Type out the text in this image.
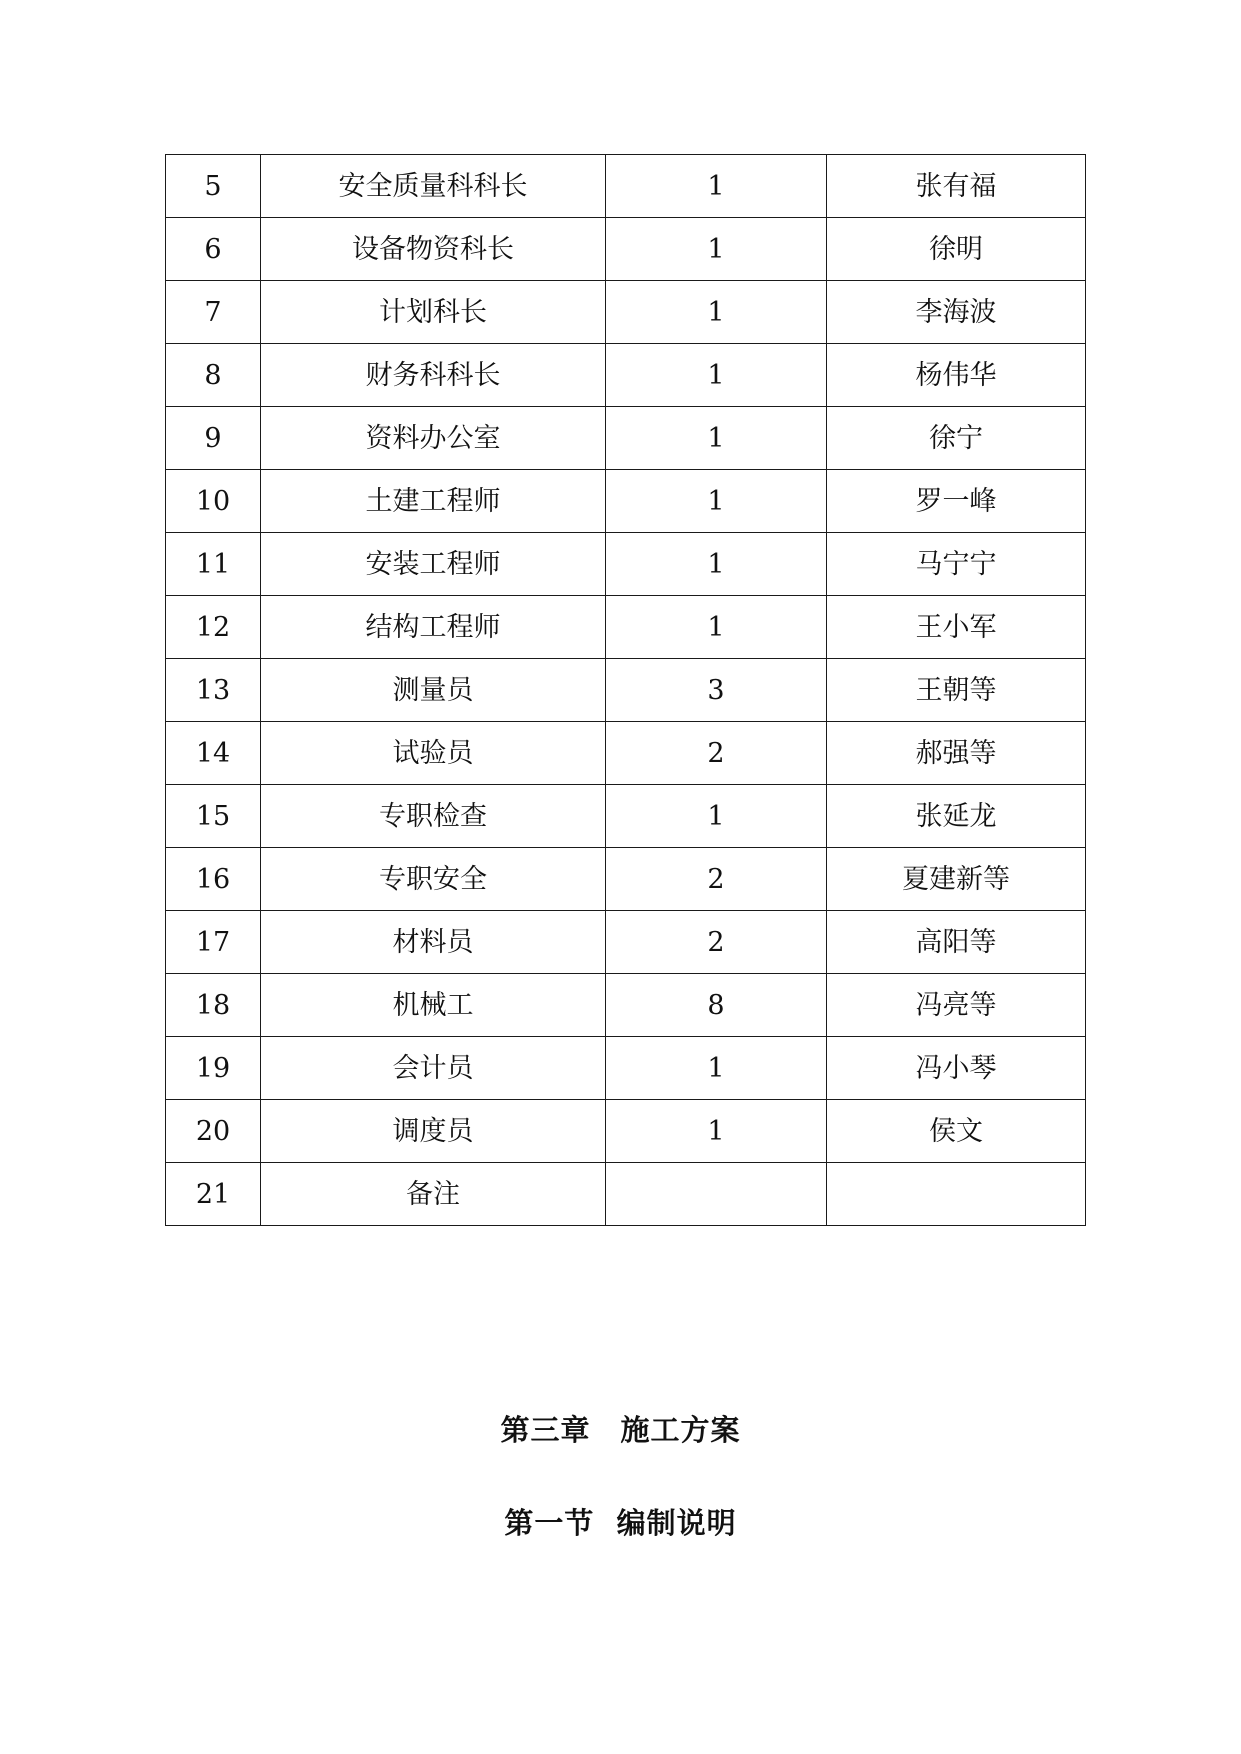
5	安全质量科科长	1	张有福
6	设备物资科长	1	徐明
7	计划科长	1	李海波
8	财务科科长	1	杨伟华
9	资料办公室	1	徐宁
10	土建工程师	1	罗一峰
11	安装工程师	1	马宁宁
12	结构工程师	1	王小军
13	测量员	3	王朝等
14	试验员	2	郝强等
15	专职检查	1	张延龙
16	专职安全	2	夏建新等
17	材料员	2	高阳等
18	机械工	8	冯亮等
19	会计员	1	冯小琴
20	调度员	1	侯文
21	备注		
第三章　施工方案
第一节  编制说明
